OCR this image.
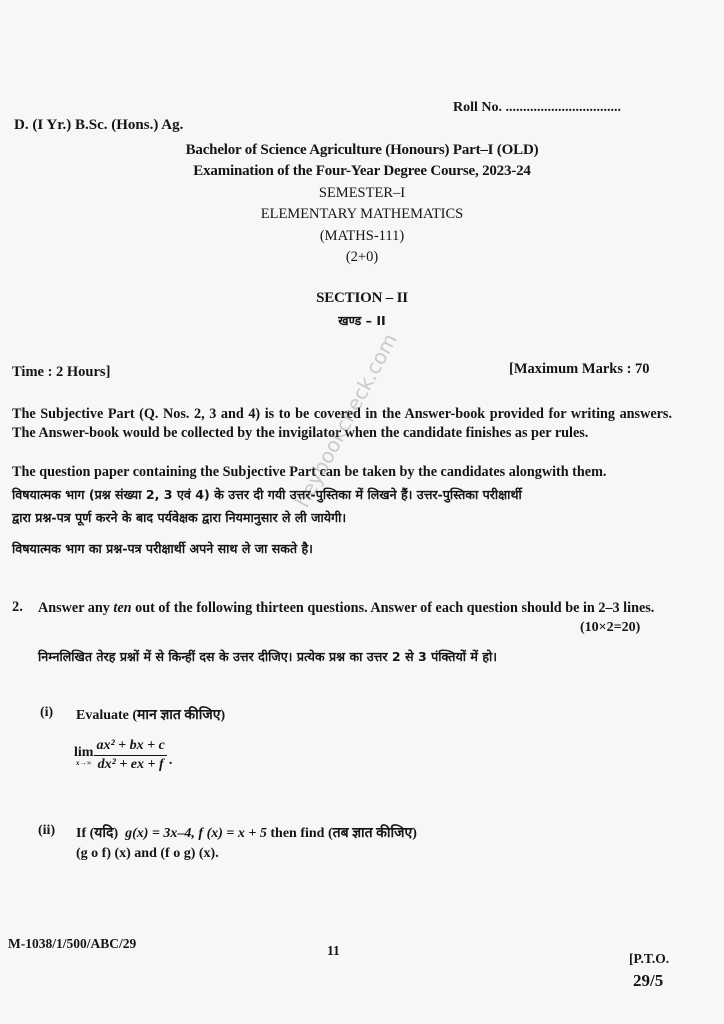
Roll No. .................................
D. (I Yr.) B.Sc. (Hons.) Ag.
Bachelor of Science Agriculture (Honours) Part–I (OLD)
Examination of the Four-Year Degree Course, 2023-24
SEMESTER–I
ELEMENTARY MATHEMATICS
(MATHS-111)
(2+0)
SECTION – II
खण्ड – II
Time : 2 Hours]	[Maximum Marks : 70
The Subjective Part (Q. Nos. 2, 3 and 4) is to be covered in the Answer-book provided for writing answers. The Answer-book would be collected by the invigilator when the candidate finishes as per rules.
The question paper containing the Subjective Part can be taken by the candidates alongwith them.
विषयात्मक भाग (प्रश्न संख्या 2, 3 एवं 4) के उत्तर दी गयी उत्तर-पुस्तिका में लिखने हैं। उत्तर-पुस्तिका परीक्षार्थी
द्वारा प्रश्न-पत्र पूर्ण करने के बाद पर्यवेक्षक द्वारा नियमानुसार ले ली जायेगी।
विषयात्मक भाग का प्रश्न-पत्र परीक्षार्थी अपने साथ ले जा सकते है।
2. Answer any ten out of the following thirteen questions. Answer of each question should be in 2–3 lines.
(10×2=20)
निम्नलिखित तेरह प्रश्नों में से किन्हीं दस के उत्तर दीजिए। प्रत्येक प्रश्न का उत्तर 2 से 3 पंक्तियों में हो।
(i) Evaluate (मान ज्ञात कीजिए)
lim
$x\to\infty \frac{\text{ax² + bx + c}}{\text{dx² + ex + f}}$ .
(ii) If (यदि) g(x) = 3x–4, f (x) = x + 5 then find (तब ज्ञात कीजिए)
(g o f) (x) and (f o g) (x).
M-1038/1/500/ABC/29	11
[P.T.O.
29/5
heybookcheck.com
